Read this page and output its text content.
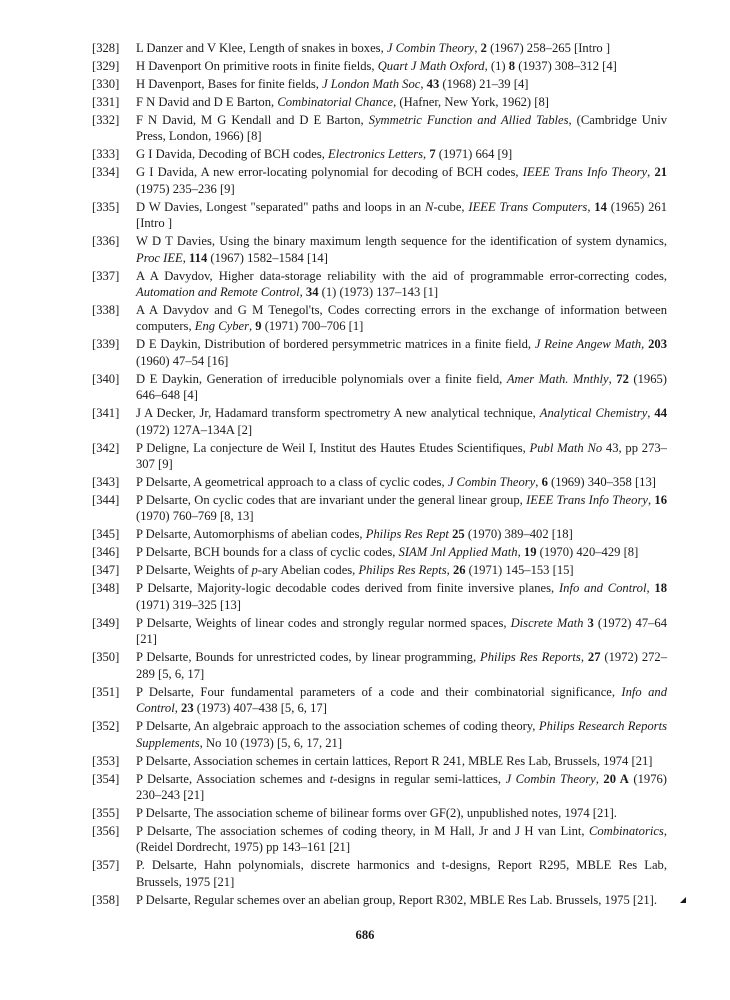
[328]	L Danzer and V Klee, Length of snakes in boxes, J Combin Theory, 2 (1967) 258–265 [Intro ]
[329]	H Davenport On primitive roots in finite fields, Quart J Math Oxford, (1) 8 (1937) 308–312 [4]
[330]	H Davenport, Bases for finite fields, J London Math Soc, 43 (1968) 21–39 [4]
[331]	F N David and D E Barton, Combinatorial Chance, (Hafner, New York, 1962) [8]
[332]	F N David, M G Kendall and D E Barton, Symmetric Function and Allied Tables, (Cambridge Univ Press, London, 1966) [8]
[333]	G I Davida, Decoding of BCH codes, Electronics Letters, 7 (1971) 664 [9]
[334]	G I Davida, A new error-locating polynomial for decoding of BCH codes, IEEE Trans Info Theory, 21 (1975) 235–236 [9]
[335]	D W Davies, Longest "separated" paths and loops in an N-cube, IEEE Trans Computers, 14 (1965) 261 [Intro ]
[336]	W D T Davies, Using the binary maximum length sequence for the identification of system dynamics, Proc IEE, 114 (1967) 1582–1584 [14]
[337]	A A Davydov, Higher data-storage reliability with the aid of programmable error-correcting codes, Automation and Remote Control, 34 (1) (1973) 137–143 [1]
[338]	A A Davydov and G M Tenegol'ts, Codes correcting errors in the exchange of information between computers, Eng Cyber, 9 (1971) 700–706 [1]
[339]	D E Daykin, Distribution of bordered persymmetric matrices in a finite field, J Reine Angew Math, 203 (1960) 47–54 [16]
[340]	D E Daykin, Generation of irreducible polynomials over a finite field, Amer Math. Mnthly, 72 (1965) 646–648 [4]
[341]	J A Decker, Jr, Hadamard transform spectrometry A new analytical technique, Analytical Chemistry, 44 (1972) 127A–134A [2]
[342]	P Deligne, La conjecture de Weil I, Institut des Hautes Etudes Scientifiques, Publ Math No 43, pp 273–307 [9]
[343]	P Delsarte, A geometrical approach to a class of cyclic codes, J Combin Theory, 6 (1969) 340–358 [13]
[344]	P Delsarte, On cyclic codes that are invariant under the general linear group, IEEE Trans Info Theory, 16 (1970) 760–769 [8, 13]
[345]	P Delsarte, Automorphisms of abelian codes, Philips Res Rept 25 (1970) 389–402 [18]
[346]	P Delsarte, BCH bounds for a class of cyclic codes, SIAM Jnl Applied Math, 19 (1970) 420–429 [8]
[347]	P Delsarte, Weights of p-ary Abelian codes, Philips Res Repts, 26 (1971) 145–153 [15]
[348]	P Delsarte, Majority-logic decodable codes derived from finite inversive planes, Info and Control, 18 (1971) 319–325 [13]
[349]	P Delsarte, Weights of linear codes and strongly regular normed spaces, Discrete Math 3 (1972) 47–64 [21]
[350]	P Delsarte, Bounds for unrestricted codes, by linear programming, Philips Res Reports, 27 (1972) 272–289 [5, 6, 17]
[351]	P Delsarte, Four fundamental parameters of a code and their combinatorial significance, Info and Control, 23 (1973) 407–438 [5, 6, 17]
[352]	P Delsarte, An algebraic approach to the association schemes of coding theory, Philips Research Reports Supplements, No 10 (1973) [5, 6, 17, 21]
[353]	P Delsarte, Association schemes in certain lattices, Report R 241, MBLE Res Lab, Brussels, 1974 [21]
[354]	P Delsarte, Association schemes and t-designs in regular semi-lattices, J Combin Theory, 20 A (1976) 230–243 [21]
[355]	P Delsarte, The association scheme of bilinear forms over GF(2), unpublished notes, 1974 [21].
[356]	P Delsarte, The association schemes of coding theory, in M Hall, Jr and J H van Lint, Combinatorics, (Reidel Dordrecht, 1975) pp 143–161 [21]
[357]	P. Delsarte, Hahn polynomials, discrete harmonics and t-designs, Report R295, MBLE Res Lab, Brussels, 1975 [21]
[358]	P Delsarte, Regular schemes over an abelian group, Report R302, MBLE Res Lab. Brussels, 1975 [21].
686
